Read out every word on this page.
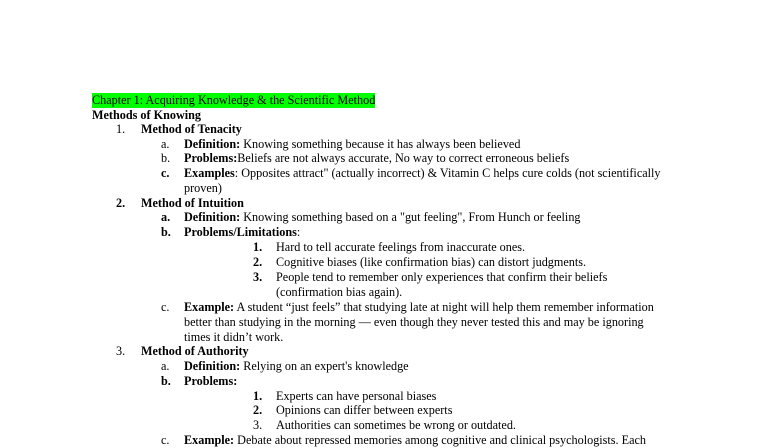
Chapter 1: Acquiring Knowledge & the Scientific Method
Methods of Knowing
1. Method of Tenacity
a. Definition: Knowing something because it has always been believed
b. Problems:Beliefs are not always accurate, No way to correct erroneous beliefs
c. Examples: Opposites attract" (actually incorrect) & Vitamin C helps cure colds (not scientifically
proven)
2. Method of Intuition
a. Definition: Knowing something based on a "gut feeling", From Hunch or feeling
b. Problems/Limitations:
1. Hard to tell accurate feelings from inaccurate ones.
2. Cognitive biases (like confirmation bias) can distort judgments.
3. People tend to remember only experiences that confirm their beliefs
(confirmation bias again).
c. Example: A student “just feels” that studying late at night will help them remember information
better than studying in the morning — even though they never tested this and may be ignoring
times it didn’t work.
3. Method of Authority
a. Definition: Relying on an expert's knowledge
b. Problems:
1. Experts can have personal biases
2. Opinions can differ between experts
3. Authorities can sometimes be wrong or outdated.
c. Example: Debate about repressed memories among cognitive and clinical psychologists. Each
